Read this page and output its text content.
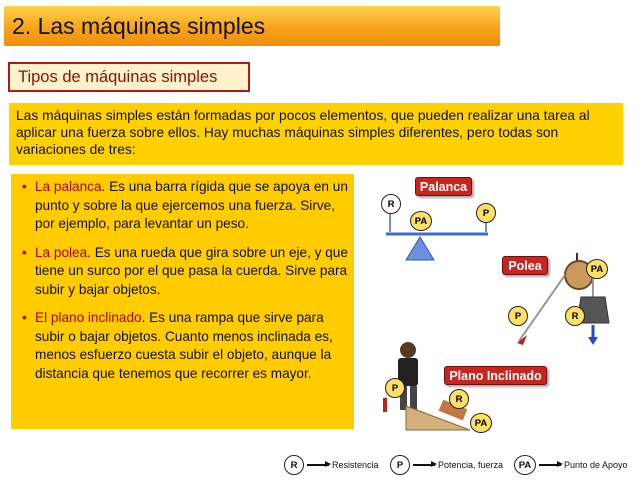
2. Las máquinas simples
Tipos de máquinas simples
Las máquinas simples están formadas por pocos elementos, que pueden realizar una tarea al aplicar una fuerza sobre ellos. Hay muchas máquinas simples diferentes, pero todas son variaciones de tres:
• La palanca. Es una barra rígida que se apoya en un punto y sobre la que ejercemos una fuerza. Sirve, por ejemplo, para levantar un peso.
• La polea. Es una rueda que gira sobre un eje, y que tiene un surco por el que pasa la cuerda. Sirve para subir y bajar objetos.
• El plano inclinado. Es una rampa que sirve para subir o bajar objetos. Cuanto menos inclinada es, menos esfuerzo cuesta subir el objeto, aunque la distancia que tenemos que recorrer es mayor.
Palanca
R
PA
P
Polea	PA
P	R
Plano Inclinado
P
R
PA
R	Resistencia	P	Potencia, fuerza	PA	Punto de Apoyo
